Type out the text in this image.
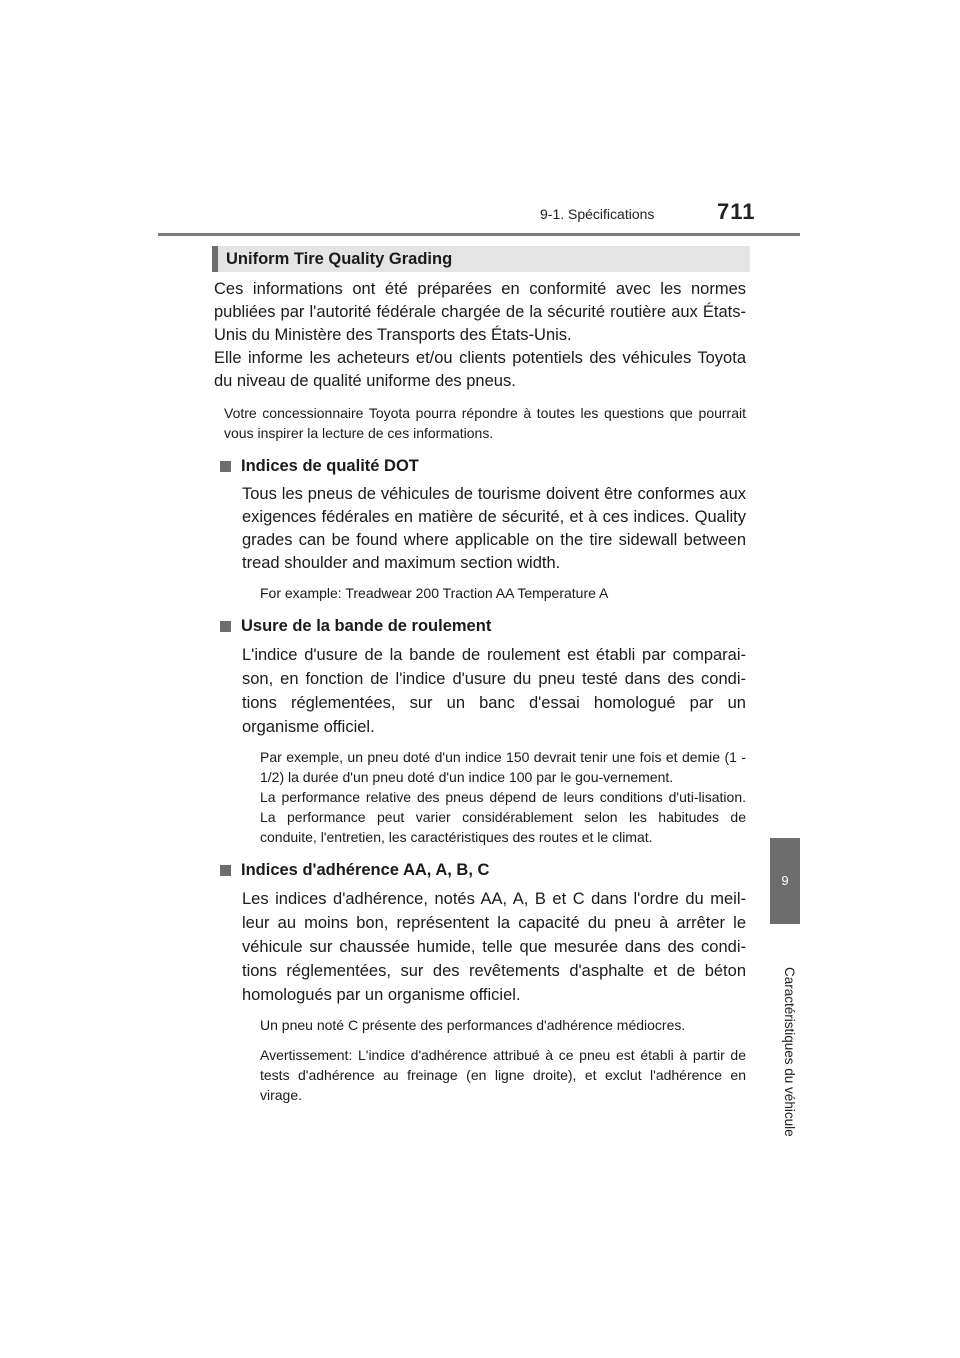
9-1. Spécifications	711
9
Caractéristiques du véhicule
Uniform Tire Quality Grading

Ces informations ont été préparées en conformité avec les normes publiées par l'autorité fédérale chargée de la sécurité routière aux États-Unis du Ministère des Transports des États-Unis.

Elle informe les acheteurs et/ou clients potentiels des véhicules Toyota du niveau de qualité uniforme des pneus.

Votre concessionnaire Toyota pourra répondre à toutes les questions que pourrait vous inspirer la lecture de ces informations.

Indices de qualité DOT

Tous les pneus de véhicules de tourisme doivent être conformes aux exigences fédérales en matière de sécurité, et à ces indices. Quality grades can be found where applicable on the tire sidewall between tread shoulder and maximum section width.

For example: Treadwear 200 Traction AA Temperature A

Usure de la bande de roulement

L'indice d'usure de la bande de roulement est établi par comparai-son, en fonction de l'indice d'usure du pneu testé dans des condi-tions réglementées, sur un banc d'essai homologué par un organisme officiel.

Par exemple, un pneu doté d'un indice 150 devrait tenir une fois et demie (1 - 1/2) la durée d'un pneu doté d'un indice 100 par le gou-vernement.

La performance relative des pneus dépend de leurs conditions d'uti-lisation. La performance peut varier considérablement selon les habitudes de conduite, l'entretien, les caractéristiques des routes et le climat.

Indices d'adhérence AA, A, B, C

Les indices d'adhérence, notés AA, A, B et C dans l'ordre du meil-leur au moins bon, représentent la capacité du pneu à arrêter le véhicule sur chaussée humide, telle que mesurée dans des condi-tions réglementées, sur des revêtements d'asphalte et de béton homologués par un organisme officiel.

Un pneu noté C présente des performances d'adhérence médiocres.

Avertissement: L'indice d'adhérence attribué à ce pneu est établi à partir de tests d'adhérence au freinage (en ligne droite), et exclut l'adhérence en virage.
